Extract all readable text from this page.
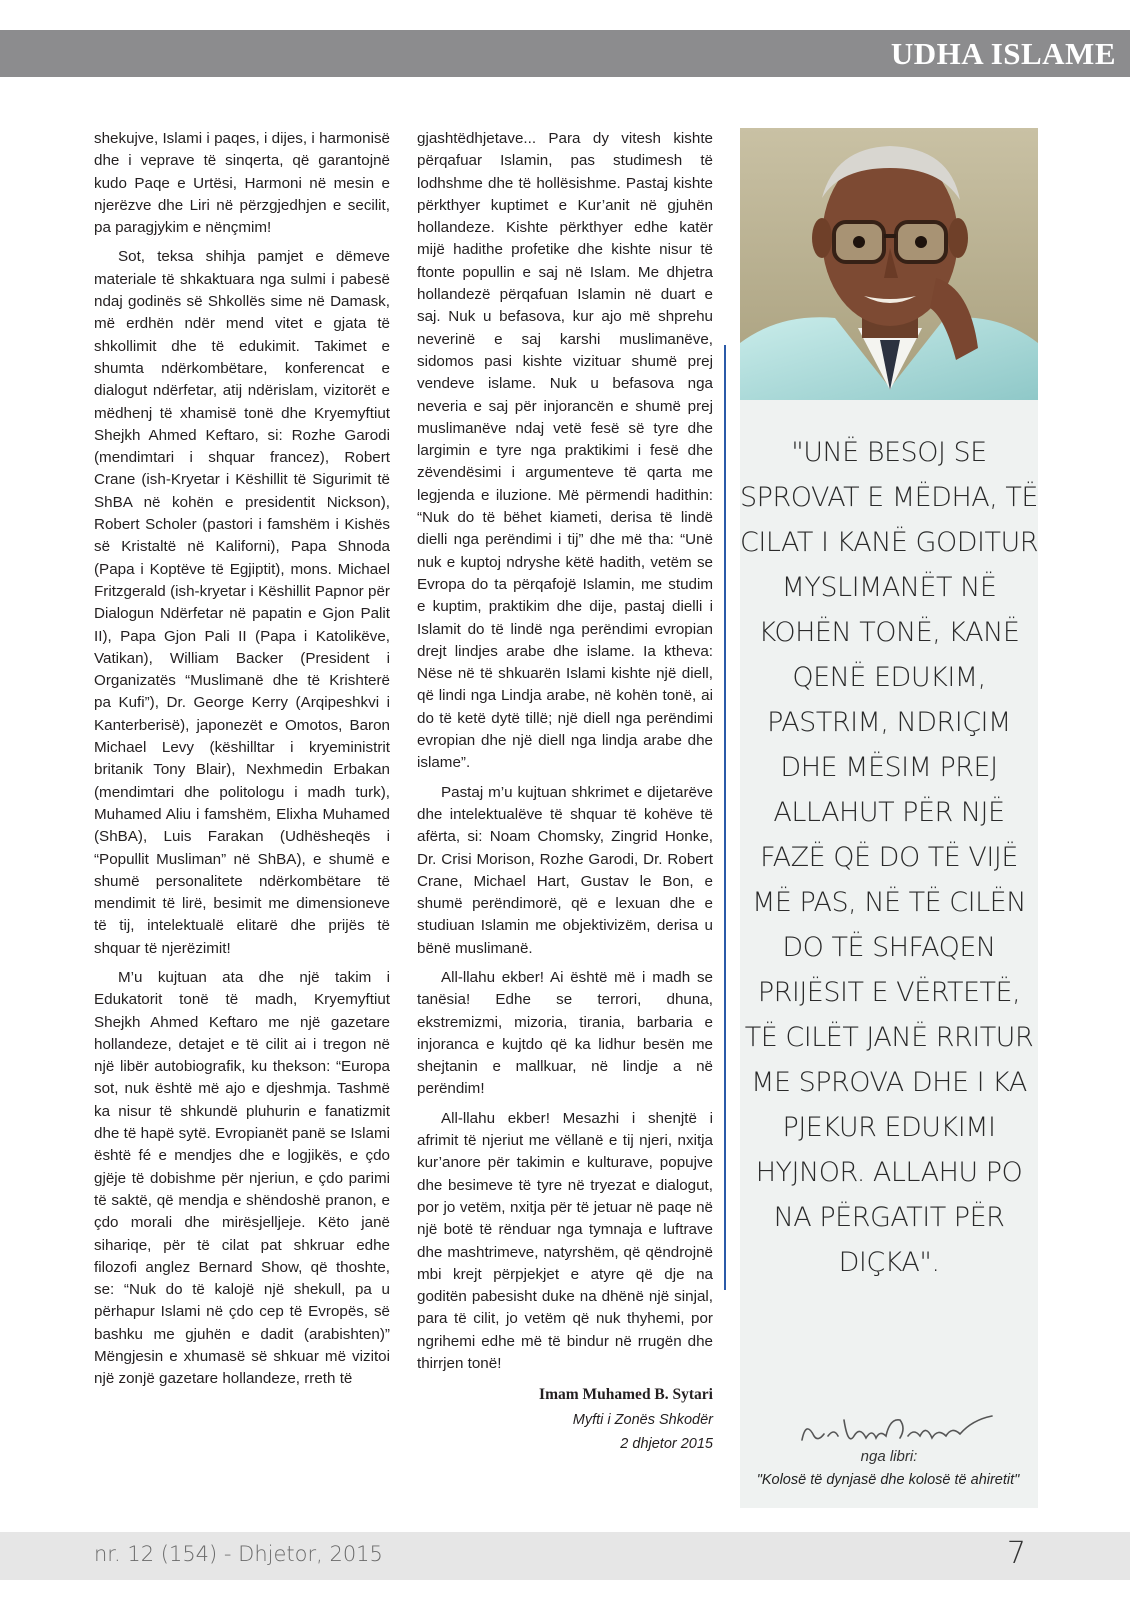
UDHA ISLAME

shekujve, Islami i paqes, i dijes, i harmonisë dhe i veprave të sinqerta, që garantojnë kudo Paqe e Urtësi, Harmoni në mesin e njerëzve dhe Liri në përzgjedhjen e secilit, pa paragjykim e nënçmim!

Sot, teksa shihja pamjet e dëmeve materiale të shkaktuara nga sulmi i pabesë ndaj godinës së Shkollës sime në Damask, më erdhën ndër mend vitet e gjata të shkollimit dhe të edukimit. Takimet e shumta ndërkombëtare, konferencat e dialogut ndërfetar, atij ndërislam, vizitorët e mëdhenj të xhamisë tonë dhe Kryemyftiut Shejkh Ahmed Keftaro, si: Rozhe Garodi (mendimtari i shquar francez), Robert Crane (ish-Kryetar i Këshillit të Sigurimit të ShBA në kohën e presidentit Nickson), Robert Scholer (pastori i famshëm i Kishës së Kristaltë në Kaliforni), Papa Shnoda (Papa i Koptëve të Egjiptit), mons. Michael Fritzgerald (ish-kryetar i Këshillit Papnor për Dialogun Ndërfetar në papatin e Gjon Palit II), Papa Gjon Pali II (Papa i Katolikëve, Vatikan), William Backer (President i Organizatës “Muslimanë dhe të Krishterë pa Kufi”), Dr. George Kerry (Arqipeshkvi i Kanterberisë), japonezët e Omotos, Baron Michael Levy (këshilltar i kryeministrit britanik Tony Blair), Nexhmedin Erbakan (mendimtari dhe politologu i madh turk), Muhamed Aliu i famshëm, Elixha Muhamed (ShBA), Luis Farakan (Udhëshеqës i “Popullit Musliman” në ShBA), e shumë e shumë personalitete ndërkombëtare të mendimit të lirë, besimit me dimensioneve të tij, intelektualë elitarë dhe prijës të shquar të njerëzimit!

M’u kujtuan ata dhe një takim i Edukatorit tonë të madh, Kryemyftiut Shejkh Ahmed Keftaro me një gazetare hollandeze, detajet e të cilit ai i tregon në një libër autobiografik, ku thekson: “Europa sot, nuk është më ajo e djeshmja. Tashmë ka nisur të shkundë pluhurin e fanatizmit dhe të hapë sytë. Evropianët panë se Islami është fé e mendjes dhe e logjikës, e çdo gjëje të dobishme për njeriun, e çdo parimi të saktë, që mendja e shëndoshë pranon, e çdo morali dhe mirësjelljeje. Këto janë sihariqe, për të cilat pat shkruar edhe filozofi anglez Bernard Show, që thoshte, se: “Nuk do të kalojë një shekull, pa u përhapur Islami në çdo cep të Evropës, së bashku me gjuhën e dadit (arabishten)” Mëngjesin e xhumasë së shkuar më vizitoi një zonjë gazetare hollandeze, rreth të

gjashtëdhjetave... Para dy vitesh kishte përqafuar Islamin, pas studimesh të lodhshme dhe të hollësishme. Pastaj kishte përkthyer kuptimet e Kur’anit në gjuhën hollandeze. Kishte përkthyer edhe katër mijë hadithe profetike dhe kishte nisur të ftonte popullin e saj në Islam. Me dhjetra hollandezë përqafuan Islamin në duart e saj. Nuk u befasova, kur ajo më shprehu neverinë e saj karshi muslimanëve, sidomos pasi kishte vizituar shumë prej vendeve islame. Nuk u befasova nga neveria e saj për injorancën e shumë prej muslimanëve ndaj vetë fesë së tyre dhe largimin e tyre nga praktikimi i fesë dhe zëvendësimi i argumenteve të qarta me legjenda e iluzione. Më përmendi hadithin: “Nuk do të bëhet kiameti, derisa të lindë dielli nga perëndimi i tij” dhe më tha: “Unë nuk e kuptoj ndryshe këtë hadith, vetëm se Evropa do ta përqafojë Islamin, me studim e kuptim, praktikim dhe dije, pastaj dielli i Islamit do të lindë nga perëndimi evropian drejt lindjes arabe dhe islame. Ia ktheva: Nëse në të shkuarën Islami kishte një diell, që lindi nga Lindja arabe, në kohën tonë, ai do të ketë dytë tillë; një diell nga perëndimi evropian dhe një diell nga lindja arabe dhe islame”.

Pastaj m’u kujtuan shkrimet e dijetarëve dhe intelektualëve të shquar të kohëve të afërta, si: Noam Chomsky, Zingrid Honke, Dr. Crisi Morison, Rozhe Garodi, Dr. Robert Crane, Michael Hart, Gustav le Bon, e shumë perëndimorë, që e lexuan dhe e studiuan Islamin me objektivizëm, derisa u bënë muslimanë.

All-llahu ekber! Ai është më i madh se tanësia! Edhe se terrori, dhuna, ekstremizmi, mizoria, tirania, barbaria e injoranca e kujtdo që ka lidhur besën me shejtanin e mallkuar, në lindje a në perëndim!

All-llahu ekber! Mesazhi i shenjtë i afrimit të njeriut me vëllanë e tij njeri, nxitja kur’anore për takimin e kulturave, popujve dhe besimeve të tyre në tryezat e dialogut, por jo vetëm, nxitja për të jetuar në paqe në një botë të rënduar nga tymnaja e luftrave dhe mashtrimeve, natyrshëm, që qëndrojnë mbi krejt përpjekjet e atyre që dje na goditën pabesisht duke na dhënë një sinjal, para të cilit, jo vetëm që nuk thyhemi, por ngrihemi edhe më të bindur në rrugën dhe thirrjen tonë!

Imam Muhamed B. Sytari
Myfti i Zonës Shkodër
2 dhjetor 2015
"UNË BESOJ SE SPROVAT E MËDHA, TË CILAT I KANË GODITUR MYSLIMANËT NË KOHËN TONË, KANË QENË EDUKIM, PASTRIM, NDRIÇIM DHE MËSIM PREJ ALLAHUT PËR NJË FAZË QË DO TË VIJË MË PAS, NË TË CILËN DO TË SHFAQEN PRIJËSIT E VËRTETË, TË CILËT JANË RRITUR ME SPROVA DHE I KA PJEKUR EDUKIMI HYJNOR. ALLAHU PO NA PËRGATIT PËR DIÇKA".
nga libri:
"Kolosë të dynjasë dhe kolosë të ahiretit"
nr. 12 (154) - Dhjetor, 2015	7
